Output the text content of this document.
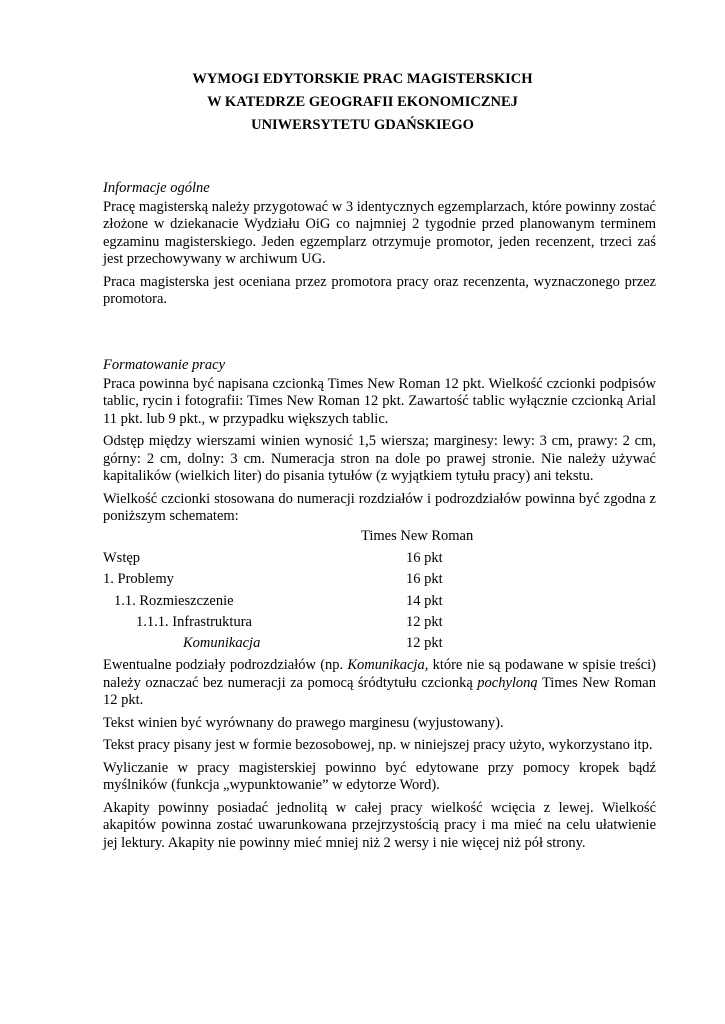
WYMOGI EDYTORSKIE PRAC MAGISTERSKICH
W KATEDRZE GEOGRAFII EKONOMICZNEJ
UNIWERSYTETU GDAŃSKIEGO
Informacje ogólne

Pracę magisterską należy przygotować w 3 identycznych egzemplarzach, które powinny zostać złożone w dziekanacie Wydziału OiG co najmniej 2 tygodnie przed planowanym terminem egzaminu magisterskiego. Jeden egzemplarz otrzymuje promotor, jeden recenzent, trzeci zaś jest przechowywany w archiwum UG.

Praca magisterska jest oceniana przez promotora pracy oraz recenzenta, wyznaczonego przez promotora.

Formatowanie pracy

Praca powinna być napisana czcionką Times New Roman 12 pkt. Wielkość czcionki podpisów tablic, rycin i fotografii: Times New Roman 12 pkt. Zawartość tablic wyłącznie czcionką Arial 11 pkt. lub 9 pkt., w przypadku większych tablic.

Odstęp między wierszami winien wynosić 1,5 wiersza; marginesy: lewy: 3 cm, prawy: 2 cm, górny: 2 cm, dolny: 3 cm. Numeracja stron na dole po prawej stronie. Nie należy używać kapitalików (wielkich liter) do pisania tytułów (z wyjątkiem tytułu pracy) ani tekstu.

Wielkość czcionki stosowana do numeracji rozdziałów i podrozdziałów powinna być zgodna z poniższym schematem:

Times New Roman
Wstęp	16 pkt
1. Problemy	16 pkt
1.1. Rozmieszczenie	14 pkt
1.1.1. Infrastruktura	12 pkt
Komunikacja	12 pkt

Ewentualne podziały podrozdziałów (np. Komunikacja, które nie są podawane w spisie treści) należy oznaczać bez numeracji za pomocą śródtytułu czcionką pochyloną Times New Roman 12 pkt.

Tekst winien być wyrównany do prawego marginesu (wyjustowany).

Tekst pracy pisany jest w formie bezosobowej, np. w niniejszej pracy użyto, wykorzystano itp.

Wyliczanie w pracy magisterskiej powinno być edytowane przy pomocy kropek bądź myślników (funkcja „wypunktowanie” w edytorze Word).

Akapity powinny posiadać jednolitą w całej pracy wielkość wcięcia z lewej. Wielkość akapitów powinna zostać uwarunkowana przejrzystością pracy i ma mieć na celu ułatwienie jej lektury. Akapity nie powinny mieć mniej niż 2 wersy i nie więcej niż pół strony.
